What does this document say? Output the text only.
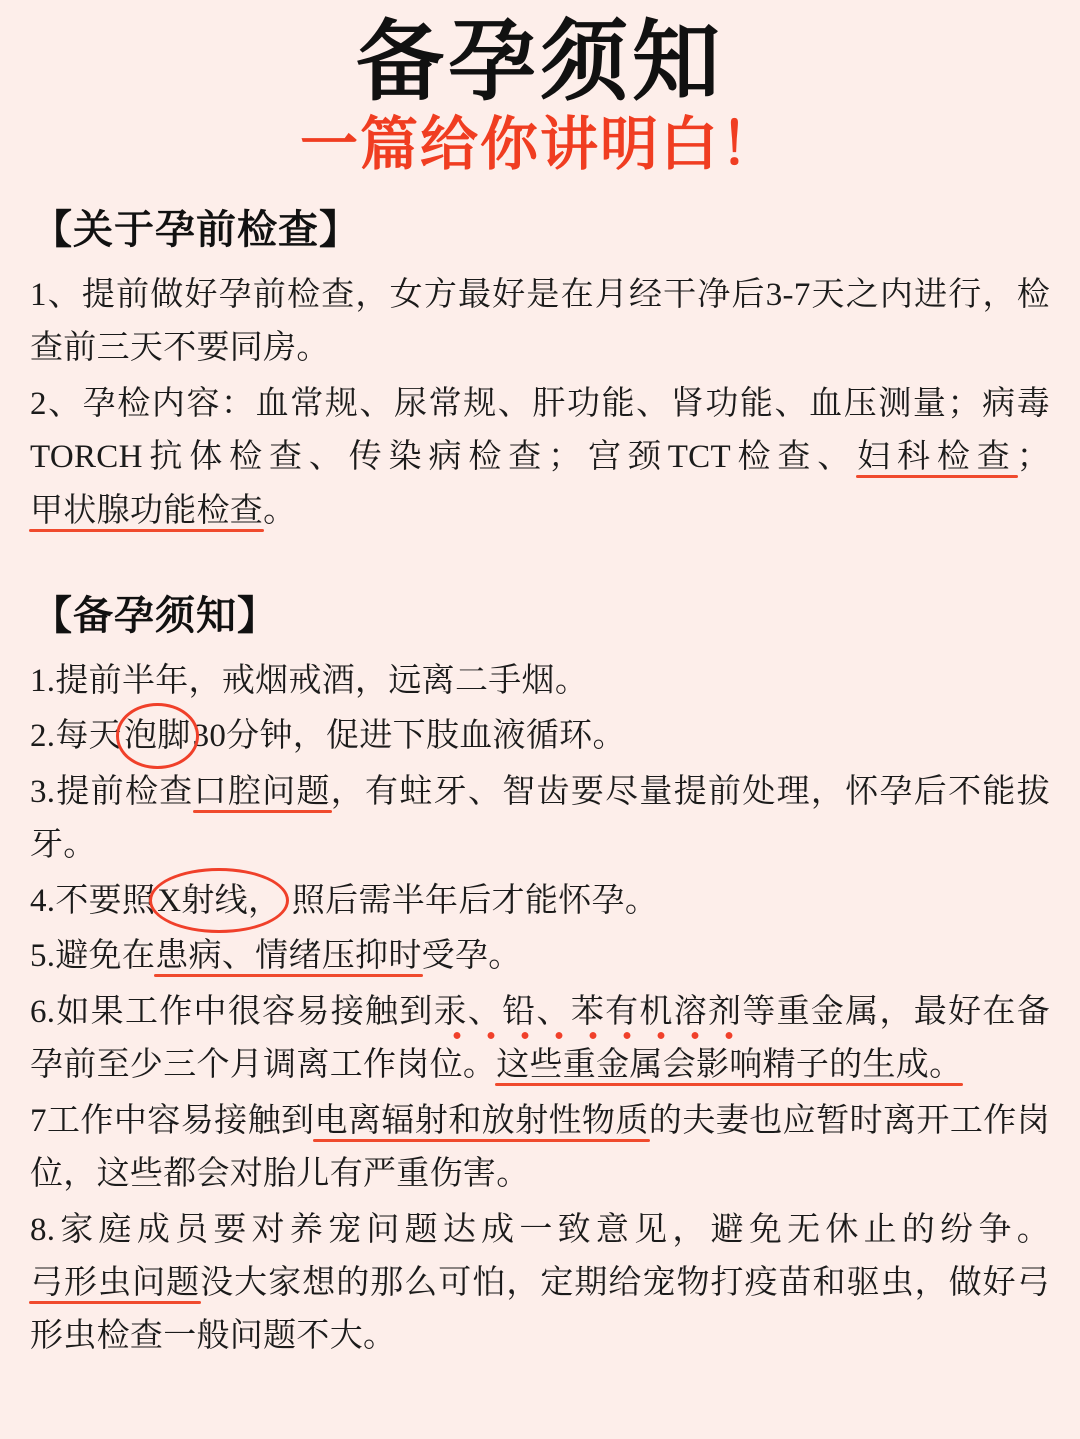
备孕须知
一篇给你讲明白！
【关于孕前检查】
1、提前做好孕前检查，女方最好是在月经干净后3-7天之内进行，检查前三天不要同房。
2、孕检内容：血常规、尿常规、肝功能、肾功能、血压测量；病毒TORCH抗体检查、传染病检查；宫颈TCT检查、妇科检查；甲状腺功能检查。
【备孕须知】
1.提前半年，戒烟戒酒，远离二手烟。
2.每天泡脚30分钟，促进下肢血液循环。
3.提前检查口腔问题，有蛀牙、智齿要尽量提前处理，怀孕后不能拔牙。
4.不要照X射线， 照后需半年后才能怀孕。
5.避免在患病、情绪压抑时受孕。
6.如果工作中很容易接触到汞、铅、苯有机溶剂等重金属，最好在备孕前至少三个月调离工作岗位。这些重金属会影响精子的生成。
7工作中容易接触到电离辐射和放射性物质的夫妻也应暂时离开工作岗位，这些都会对胎儿有严重伤害。
8.家庭成员要对养宠问题达成一致意见，避免无休止的纷争。弓形虫问题没大家想的那么可怕，定期给宠物打疫苗和驱虫，做好弓形虫检查一般问题不大。
